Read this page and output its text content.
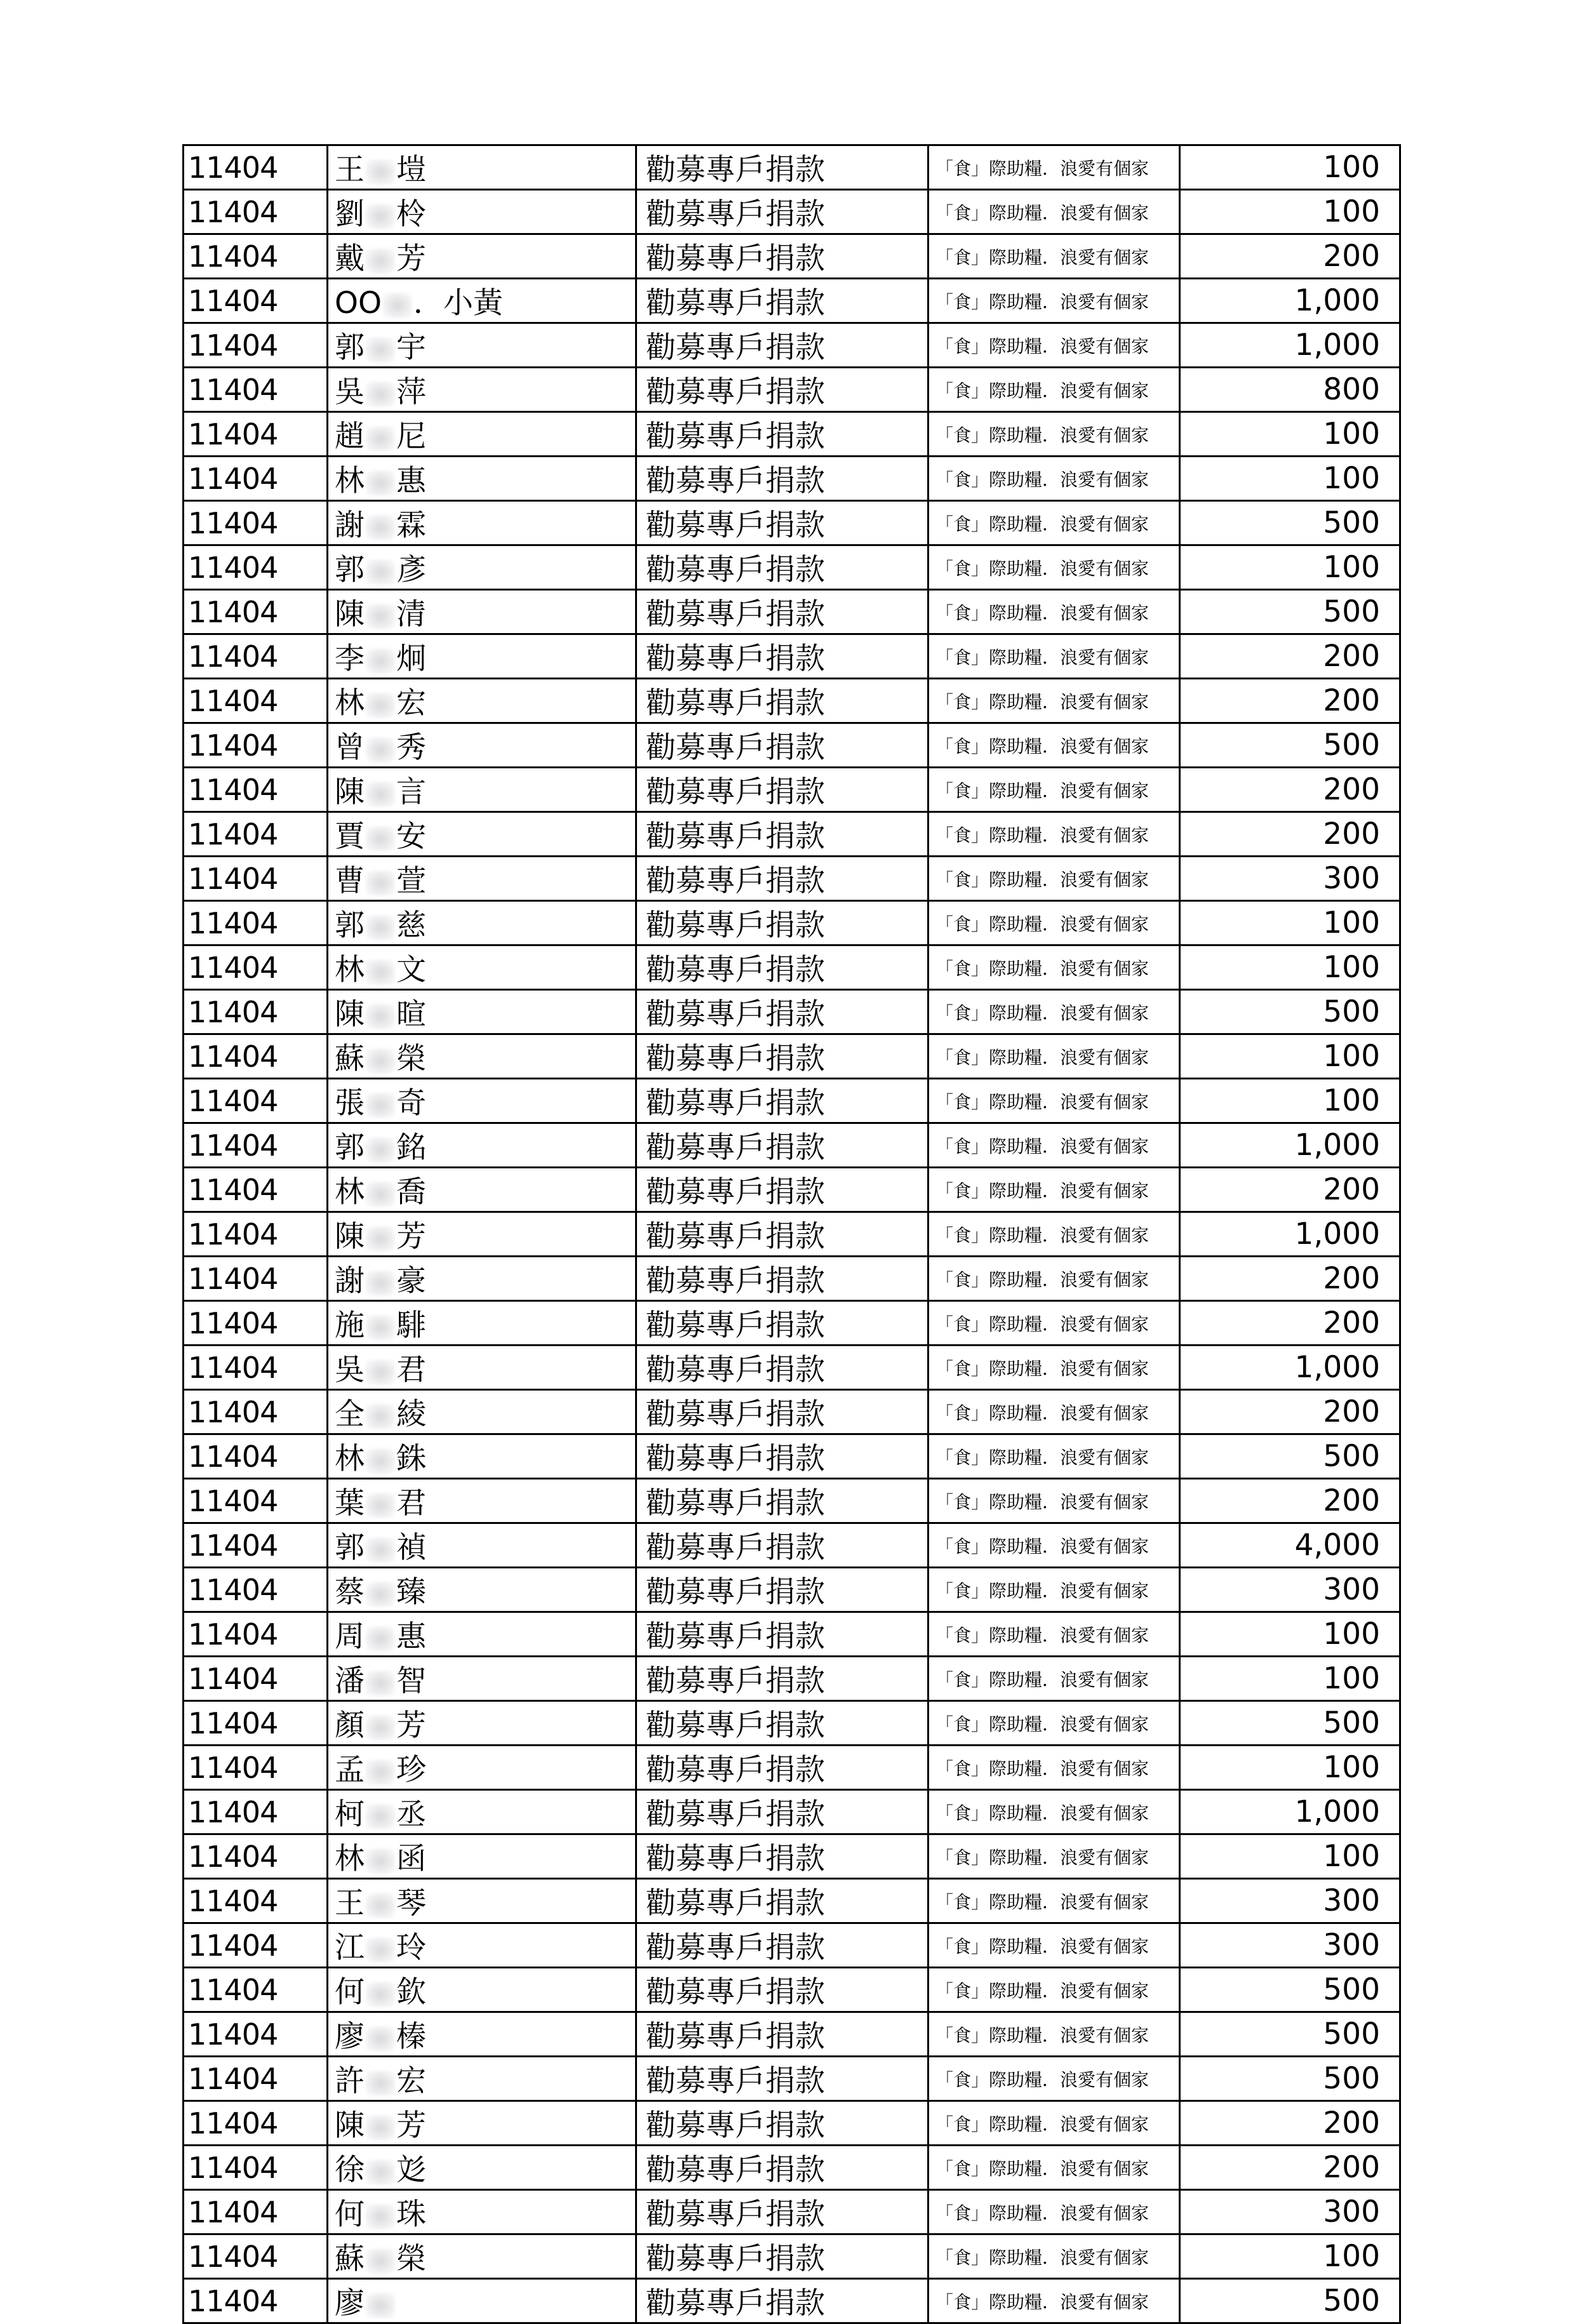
11404	王 塏	勸募專戶捐款	「食」際助糧．浪愛有個家	100
11404	劉 柃	勸募專戶捐款	「食」際助糧．浪愛有個家	100
11404	戴 芳	勸募專戶捐款	「食」際助糧．浪愛有個家	200
11404	OO ．小黃	勸募專戶捐款	「食」際助糧．浪愛有個家	1,000
11404	郭 宇	勸募專戶捐款	「食」際助糧．浪愛有個家	1,000
11404	吳 萍	勸募專戶捐款	「食」際助糧．浪愛有個家	800
11404	趙 尼	勸募專戶捐款	「食」際助糧．浪愛有個家	100
11404	林 惠	勸募專戶捐款	「食」際助糧．浪愛有個家	100
11404	謝 霖	勸募專戶捐款	「食」際助糧．浪愛有個家	500
11404	郭 彥	勸募專戶捐款	「食」際助糧．浪愛有個家	100
11404	陳 清	勸募專戶捐款	「食」際助糧．浪愛有個家	500
11404	李 炯	勸募專戶捐款	「食」際助糧．浪愛有個家	200
11404	林 宏	勸募專戶捐款	「食」際助糧．浪愛有個家	200
11404	曾 秀	勸募專戶捐款	「食」際助糧．浪愛有個家	500
11404	陳 言	勸募專戶捐款	「食」際助糧．浪愛有個家	200
11404	賈 安	勸募專戶捐款	「食」際助糧．浪愛有個家	200
11404	曹 萱	勸募專戶捐款	「食」際助糧．浪愛有個家	300
11404	郭 慈	勸募專戶捐款	「食」際助糧．浪愛有個家	100
11404	林 文	勸募專戶捐款	「食」際助糧．浪愛有個家	100
11404	陳 暄	勸募專戶捐款	「食」際助糧．浪愛有個家	500
11404	蘇 榮	勸募專戶捐款	「食」際助糧．浪愛有個家	100
11404	張 奇	勸募專戶捐款	「食」際助糧．浪愛有個家	100
11404	郭 銘	勸募專戶捐款	「食」際助糧．浪愛有個家	1,000
11404	林 喬	勸募專戶捐款	「食」際助糧．浪愛有個家	200
11404	陳 芳	勸募專戶捐款	「食」際助糧．浪愛有個家	1,000
11404	謝 豪	勸募專戶捐款	「食」際助糧．浪愛有個家	200
11404	施 騑	勸募專戶捐款	「食」際助糧．浪愛有個家	200
11404	吳 君	勸募專戶捐款	「食」際助糧．浪愛有個家	1,000
11404	全 綾	勸募專戶捐款	「食」際助糧．浪愛有個家	200
11404	林 銖	勸募專戶捐款	「食」際助糧．浪愛有個家	500
11404	葉 君	勸募專戶捐款	「食」際助糧．浪愛有個家	200
11404	郭 禎	勸募專戶捐款	「食」際助糧．浪愛有個家	4,000
11404	蔡 臻	勸募專戶捐款	「食」際助糧．浪愛有個家	300
11404	周 惠	勸募專戶捐款	「食」際助糧．浪愛有個家	100
11404	潘 智	勸募專戶捐款	「食」際助糧．浪愛有個家	100
11404	顏 芳	勸募專戶捐款	「食」際助糧．浪愛有個家	500
11404	孟 珍	勸募專戶捐款	「食」際助糧．浪愛有個家	100
11404	柯 丞	勸募專戶捐款	「食」際助糧．浪愛有個家	1,000
11404	林 函	勸募專戶捐款	「食」際助糧．浪愛有個家	100
11404	王 琴	勸募專戶捐款	「食」際助糧．浪愛有個家	300
11404	江 玲	勸募專戶捐款	「食」際助糧．浪愛有個家	300
11404	何 欽	勸募專戶捐款	「食」際助糧．浪愛有個家	500
11404	廖 榛	勸募專戶捐款	「食」際助糧．浪愛有個家	500
11404	許 宏	勸募專戶捐款	「食」際助糧．浪愛有個家	500
11404	陳 芳	勸募專戶捐款	「食」際助糧．浪愛有個家	200
11404	徐 彣	勸募專戶捐款	「食」際助糧．浪愛有個家	200
11404	何 珠	勸募專戶捐款	「食」際助糧．浪愛有個家	300
11404	蘇 榮	勸募專戶捐款	「食」際助糧．浪愛有個家	100
11404	廖	勸募專戶捐款	「食」際助糧．浪愛有個家	500
